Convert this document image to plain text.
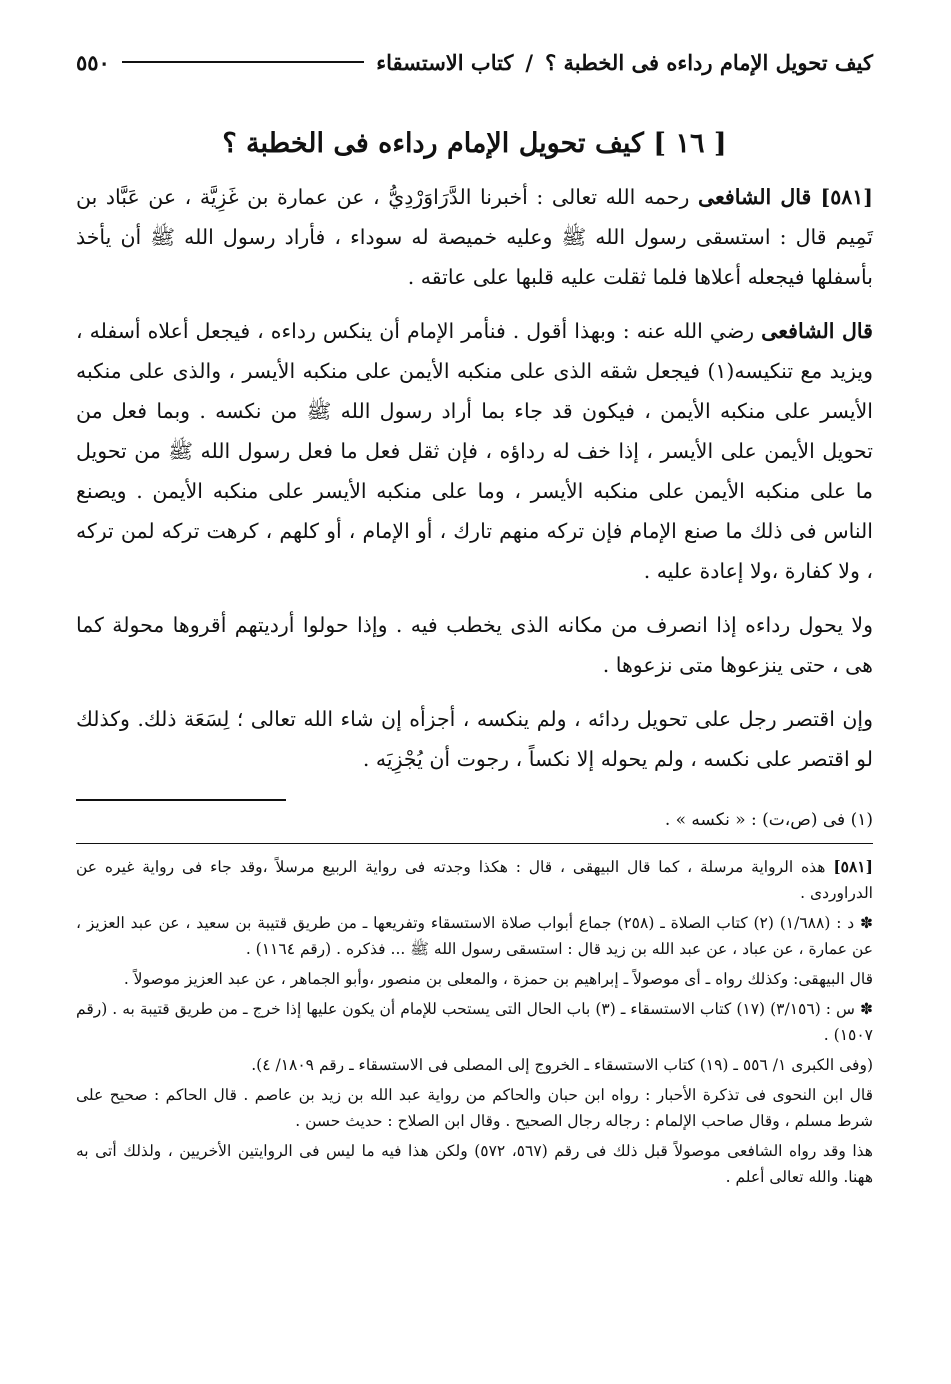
كيف تحويل الإمام رداءه فى الخطبة ؟
/
كتاب الاستسقاء
٥٥٠
[ ١٦ ] كيف تحويل الإمام رداءه فى الخطبة ؟

[٥٨١] قال الشافعى رحمه الله تعالى : أخبرنا الدَّرَاوَرْدِيُّ ، عن عمارة بن غَزِيَّة ، عن عَبَّاد بن تَمِيم قال : استسقى رسول الله ﷺ وعليه خميصة له سوداء ، فأراد رسول الله ﷺ أن يأخذ بأسفلها فيجعله أعلاها فلما ثقلت عليه قلبها على عاتقه .

قال الشافعى رضي الله عنه : وبهذا أقول . فنأمر الإمام أن ينكس رداءه ، فيجعل أعلاه أسفله ، ويزيد مع تنكيسه(١) فيجعل شقه الذى على منكبه الأيمن على منكبه الأيسر ، والذى على منكبه الأيسر على منكبه الأيمن ، فيكون قد جاء بما أراد رسول الله ﷺ من نكسه . وبما فعل من تحويل الأيمن على الأيسر ، إذا خف له رداؤه ، فإن ثقل فعل ما فعل رسول الله ﷺ من تحويل ما على منكبه الأيمن على منكبه الأيسر ، وما على منكبه الأيسر على منكبه الأيمن . ويصنع الناس فى ذلك ما صنع الإمام فإن تركه منهم تارك ، أو الإمام ، أو كلهم ، كرهت تركه لمن تركه ، ولا كفارة ،ولا إعادة عليه .

ولا يحول رداءه إذا انصرف من مكانه الذى يخطب فيه . وإذا حولوا أرديتهم أقروها محولة كما هى ، حتى ينزعوها متى نزعوها .

وإن اقتصر رجل على تحويل ردائه ، ولم ينكسه ، أجزأه إن شاء الله تعالى ؛ لِسَعَة ذلك. وكذلك لو اقتصر على نكسه ، ولم يحوله إلا نكساً ، رجوت أن يُجْزِيَه .

(١) فى (ص،ت) : « نكسه » .

[٥٨١] هذه الرواية مرسلة ، كما قال البيهقى ، قال : هكذا وجدته فى رواية الربيع مرسلاً ،وقد جاء فى رواية غيره عن الدراوردى .

✽ د : (١/٦٨٨) (٢) كتاب الصلاة ـ (٢٥٨) جماع أبواب صلاة الاستسقاء وتفريعها ـ من طريق قتيبة بن سعيد ، عن عبد العزيز ، عن عمارة ، عن عباد ، عن عبد الله بن زيد قال : استسقى رسول الله ﷺ ... فذكره . (رقم ١١٦٤) .

قال البيهقى: وكذلك رواه ـ أى موصولاً ـ إبراهيم بن حمزة ، والمعلى بن منصور ،وأبو الجماهر ، عن عبد العزيز موصولاً .

✽ س : (٣/١٥٦) (١٧) كتاب الاستسقاء ـ (٣) باب الحال التى يستحب للإمام أن يكون عليها إذا خرج ـ من طريق قتيبة به . (رقم ١٥٠٧) .

(وفى الكبرى ١/ ٥٥٦ ـ (١٩) كتاب الاستسقاء ـ الخروج إلى المصلى فى الاستسقاء ـ رقم ١٨٠٩/ ٤).

قال ابن النحوى فى تذكرة الأحبار : رواه ابن حبان والحاكم من رواية عبد الله بن زيد بن عاصم . قال الحاكم : صحيح على شرط مسلم ، وقال صاحب الإلمام : رجاله رجال الصحيح . وقال ابن الصلاح : حديث حسن .

هذا وقد رواه الشافعى موصولاً قبل ذلك فى رقم (٥٦٧، ٥٧٢) ولكن هذا فيه ما ليس فى الروايتين الأخريين ، ولذلك أتى به ههنا. والله تعالى أعلم .
